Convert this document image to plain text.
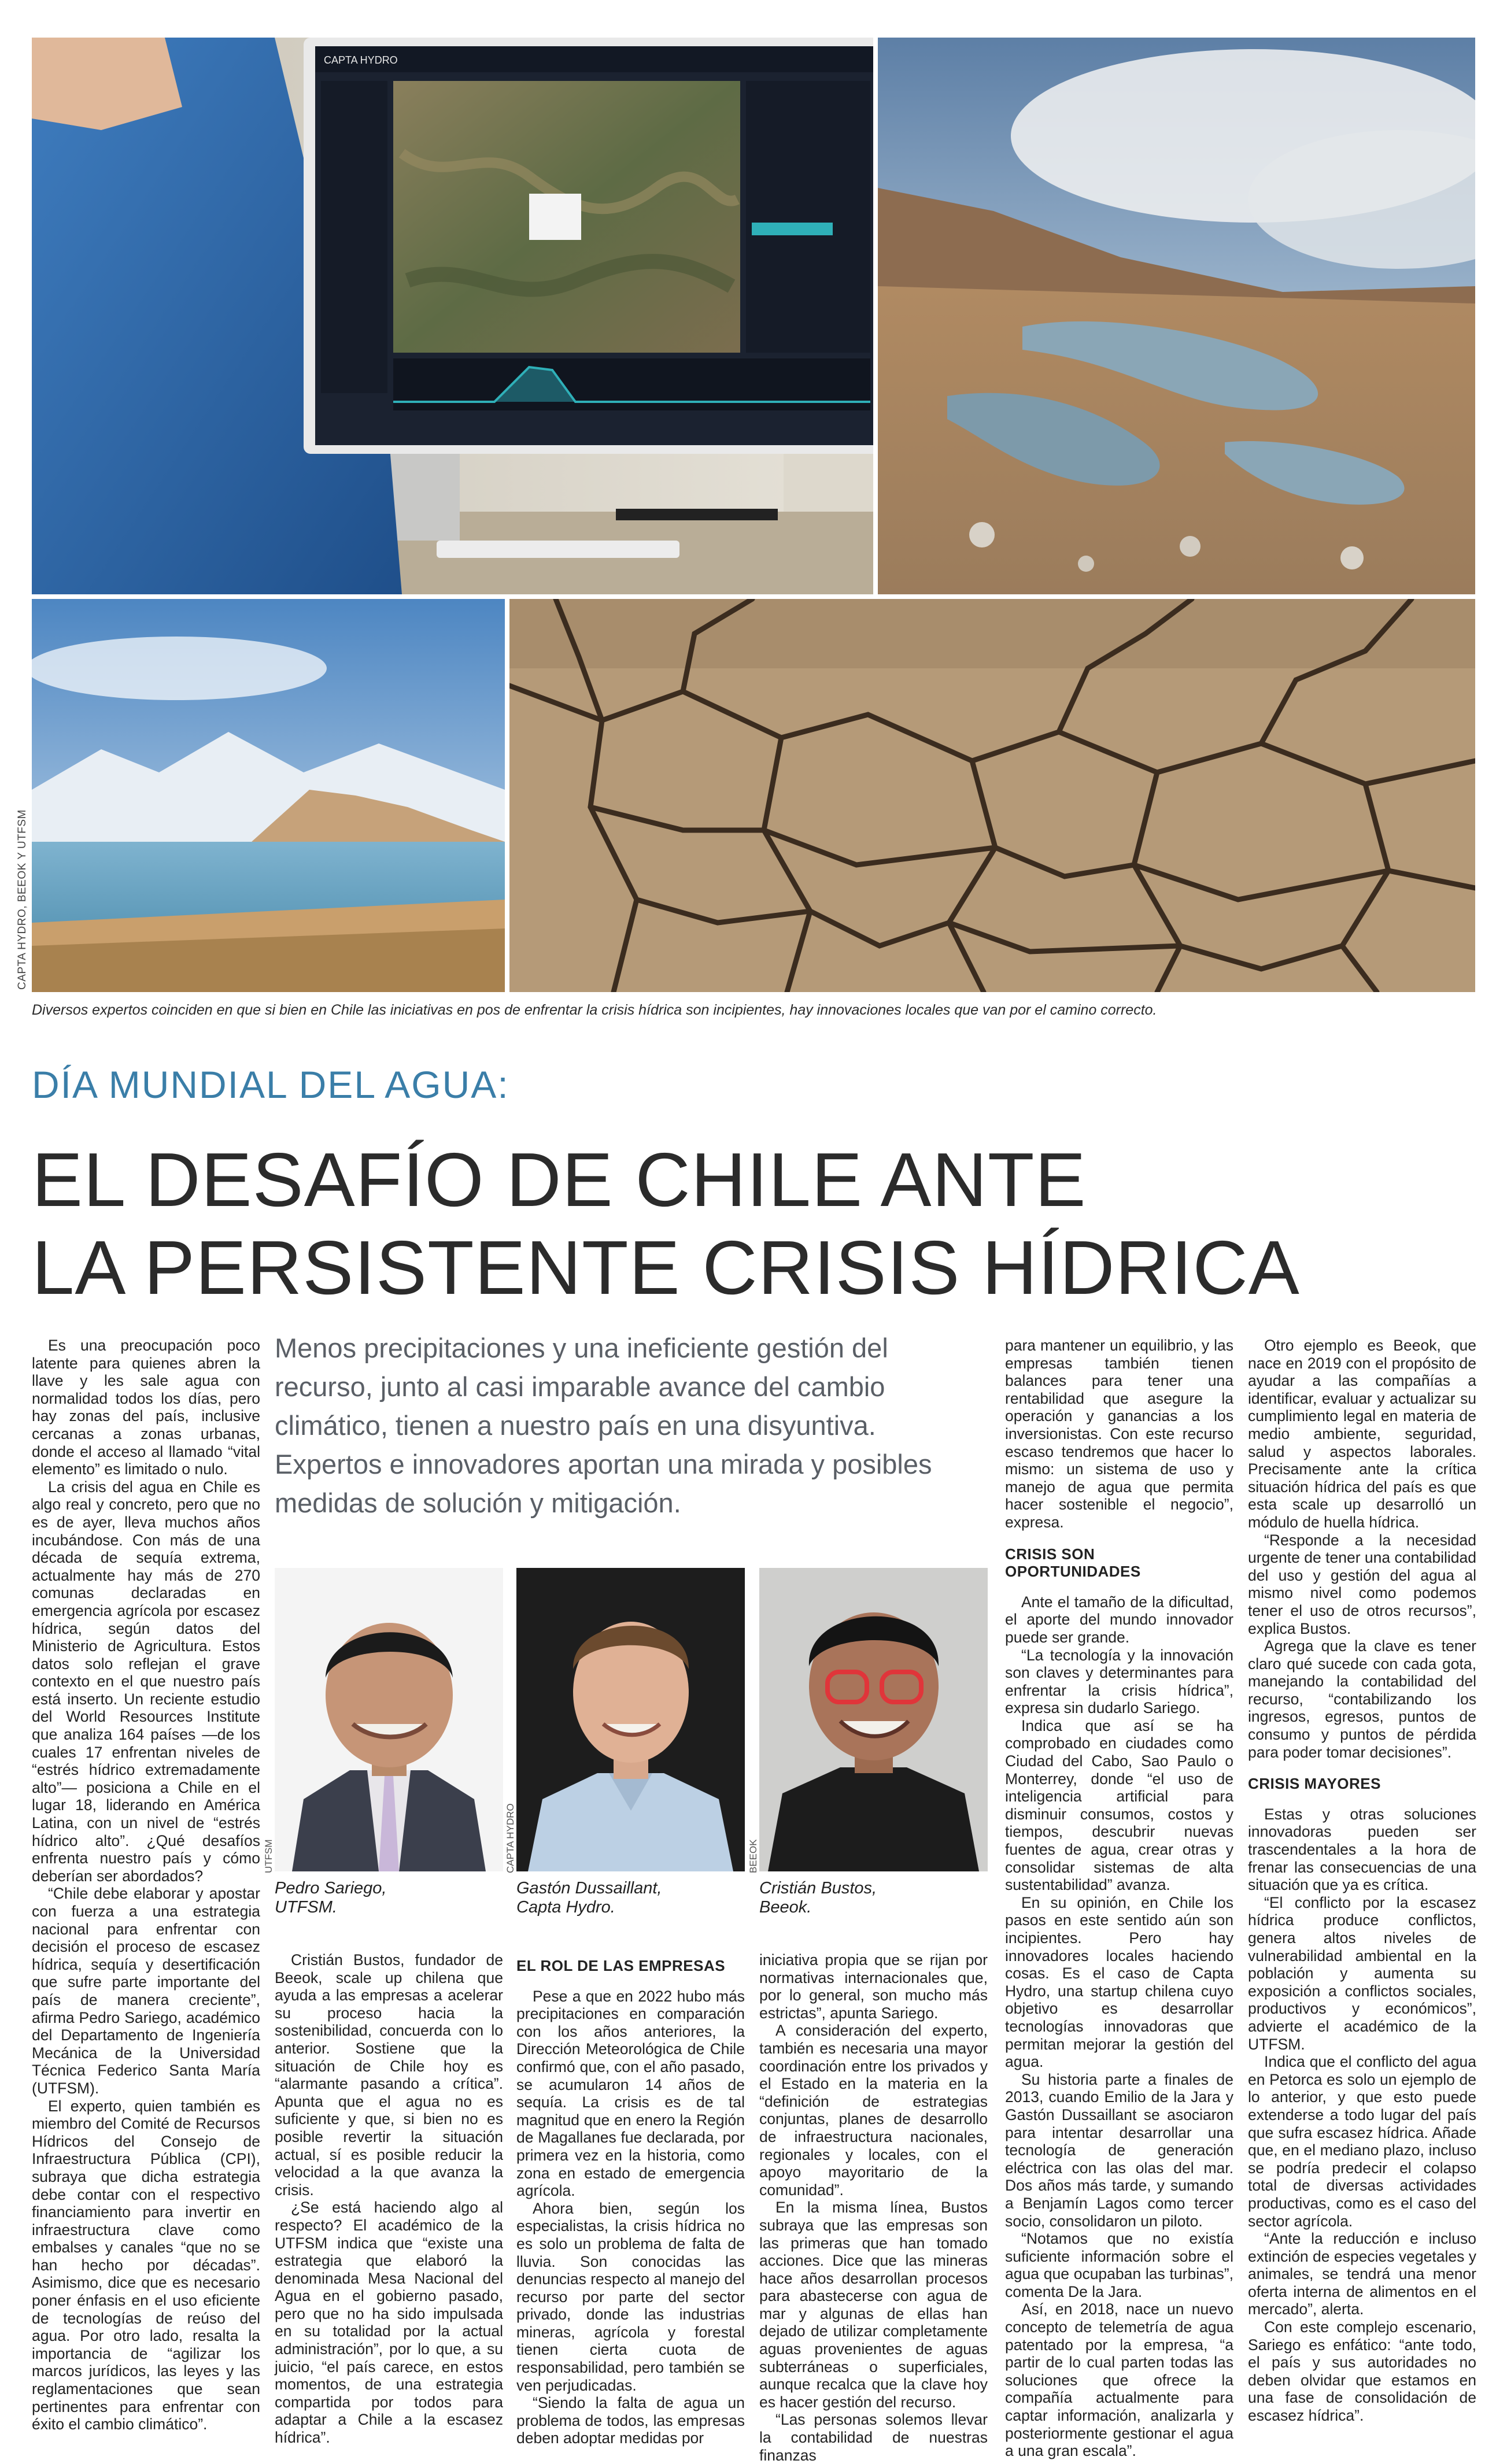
CAPTA HYDRO
CAPTA HYDRO, BEEOK Y UTFSM
Diversos expertos coinciden en que si bien en Chile las iniciativas en pos de enfrentar la crisis hídrica son incipientes, hay innovaciones locales que van por el camino correcto.
DÍA MUNDIAL DEL AGUA:
EL DESAFÍO DE CHILE ANTE
LA PERSISTENTE CRISIS HÍDRICA
Menos precipitaciones y una ineficiente gestión del recurso, junto al casi imparable avance del cambio climático, tienen a nuestro país en una disyuntiva. Expertos e innovadores aportan una mirada y posibles medidas de solución y mitigación.
UTFSM	CAPTA HYDRO	BEEOK
Pedro Sariego,
UTFSM.
Gastón Dussaillant,
Capta Hydro.
Cristián Bustos,
Beeok.

Es una preocupación poco latente para quienes abren la llave y les sale agua con normalidad todos los días, pero hay zonas del país, inclusive cercanas a zonas urbanas, donde el acceso al llamado “vital elemento” es limitado o nulo.

La crisis del agua en Chile es algo real y concreto, pero que no es de ayer, lleva muchos años incubándose. Con más de una década de sequía extrema, actualmente hay más de 270 comunas declaradas en emergencia agrícola por escasez hídrica, según datos del Ministerio de Agricultura. Estos datos solo reflejan el grave contexto en el que nuestro país está inserto. Un reciente estudio del World Resources Institute que analiza 164 países —de los cuales 17 enfrentan niveles de “estrés hídrico extremadamente alto”— posiciona a Chile en el lugar 18, liderando en América Latina, con un nivel de “estrés hídrico alto”. ¿Qué desafíos enfrenta nuestro país y cómo deberían ser abordados?

“Chile debe elaborar y apostar con fuerza a una estrategia nacional para enfrentar con decisión el proceso de escasez hídrica, sequía y desertificación que sufre parte importante del país de manera creciente”, afirma Pedro Sariego, académico del Departamento de Ingeniería Mecánica de la Universidad Técnica Federico Santa María (UTFSM).

El experto, quien también es miembro del Comité de Recursos Hídricos del Consejo de Infraestructura Pública (CPI), subraya que dicha estrategia debe contar con el respectivo financiamiento para invertir en infraestructura clave como embalses y canales “que no se han hecho por décadas”. Asimismo, dice que es necesario poner énfasis en el uso eficiente de tecnologías de reúso del agua. Por otro lado, resalta la importancia de “agilizar los marcos jurídicos, las leyes y las reglamentaciones que sean pertinentes para enfrentar con éxito el cambio climático”.

Cristián Bustos, fundador de Beeok, scale up chilena que ayuda a las empresas a acelerar su proceso hacia la sostenibilidad, concuerda con lo anterior. Sostiene que la situación de Chile hoy es “alarmante pasando a crítica”. Apunta que el agua no es suficiente y que, si bien no es posible revertir la situación actual, sí es posible reducir la velocidad a la que avanza la crisis.

¿Se está haciendo algo al respecto? El académico de la UTFSM indica que “existe una estrategia que elaboró la denominada Mesa Nacional del Agua en el gobierno pasado, pero que no ha sido impulsada en su totalidad por la actual administración”, por lo que, a su juicio, “el país carece, en estos momentos, de una estrategia compartida por todos para adaptar a Chile a la escasez hídrica”.

EL ROL DE LAS EMPRESAS

Pese a que en 2022 hubo más precipitaciones en comparación con los años anteriores, la Dirección Meteorológica de Chile confirmó que, con el año pasado, se acumularon 14 años de sequía. La crisis es de tal magnitud que en enero la Región de Magallanes fue declarada, por primera vez en la historia, como zona en estado de emergencia agrícola.

Ahora bien, según los especialistas, la crisis hídrica no es solo un problema de falta de lluvia. Son conocidas las denuncias respecto al manejo del recurso por parte del sector privado, donde las industrias mineras, agrícola y forestal tienen cierta cuota de responsabilidad, pero también se ven perjudicadas.

“Siendo la falta de agua un problema de todos, las empresas deben adoptar medidas por

iniciativa propia que se rijan por normativas internacionales que, por lo general, son mucho más estrictas”, apunta Sariego.

A consideración del experto, también es necesaria una mayor coordinación entre los privados y el Estado en la materia en la “definición de estrategias conjuntas, planes de desarrollo de infraestructura nacionales, regionales y locales, con el apoyo mayoritario de la comunidad”.

En la misma línea, Bustos subraya que las empresas son las primeras que han tomado acciones. Dice que las mineras hace años desarrollan procesos para abastecerse con agua de mar y algunas de ellas han dejado de utilizar completamente aguas provenientes de aguas subterráneas o superficiales, aunque recalca que la clave hoy es hacer gestión del recurso.

“Las personas solemos llevar la contabilidad de nuestras finanzas

para mantener un equilibrio, y las empresas también tienen balances para tener una rentabilidad que asegure la operación y ganancias a los inversionistas. Con este recurso escaso tendremos que hacer lo mismo: un sistema de uso y manejo de agua que permita hacer sostenible el negocio”, expresa.

CRISIS SON OPORTUNIDADES

Ante el tamaño de la dificultad, el aporte del mundo innovador puede ser grande.

“La tecnología y la innovación son claves y determinantes para enfrentar la crisis hídrica”, expresa sin dudarlo Sariego.

Indica que así se ha comprobado en ciudades como Ciudad del Cabo, Sao Paulo o Monterrey, donde “el uso de inteligencia artificial para disminuir consumos, costos y tiempos, descubrir nuevas fuentes de agua, crear otras y consolidar sistemas de alta sustentabilidad” avanza.

En su opinión, en Chile los pasos en este sentido aún son incipientes. Pero hay innovadores locales haciendo cosas. Es el caso de Capta Hydro, una startup chilena cuyo objetivo es desarrollar tecnologías innovadoras que permitan mejorar la gestión del agua.

Su historia parte a finales de 2013, cuando Emilio de la Jara y Gastón Dussaillant se asociaron para intentar desarrollar una tecnología de generación eléctrica con las olas del mar. Dos años más tarde, y sumando a Benjamín Lagos como tercer socio, consolidaron un piloto.

“Notamos que no existía suficiente información sobre el agua que ocupaban las turbinas”, comenta De la Jara.

Así, en 2018, nace un nuevo concepto de telemetría de agua patentado por la empresa, “a partir de lo cual parten todas las soluciones que ofrece la compañía actualmente para captar información, analizarla y posteriormente gestionar el agua a una gran escala”.

Otro ejemplo es Beeok, que nace en 2019 con el propósito de ayudar a las compañías a identificar, evaluar y actualizar su cumplimiento legal en materia de medio ambiente, seguridad, salud y aspectos laborales. Precisamente ante la crítica situación hídrica del país es que esta scale up desarrolló un módulo de huella hídrica.

“Responde a la necesidad urgente de tener una contabilidad del uso y gestión del agua al mismo nivel como podemos tener el uso de otros recursos”, explica Bustos.

Agrega que la clave es tener claro qué sucede con cada gota, manejando la contabilidad del recurso, “contabilizando los ingresos, egresos, puntos de consumo y puntos de pérdida para poder tomar decisiones”.

CRISIS MAYORES

Estas y otras soluciones innovadoras pueden ser trascendentales a la hora de frenar las consecuencias de una situación que ya es crítica.

“El conflicto por la escasez hídrica produce conflictos, genera altos niveles de vulnerabilidad ambiental en la población y aumenta su exposición a conflictos sociales, productivos y económicos”, advierte el académico de la UTFSM.

Indica que el conflicto del agua en Petorca es solo un ejemplo de lo anterior, y que esto puede extenderse a todo lugar del país que sufra escasez hídrica. Añade que, en el mediano plazo, incluso se podría predecir el colapso total de diversas actividades productivas, como es el caso del sector agrícola.

“Ante la reducción e incluso extinción de especies vegetales y animales, se tendrá una menor oferta interna de alimentos en el mercado”, alerta.

Con este complejo escenario, Sariego es enfático: “ante todo, el país y sus autoridades no deben olvidar que estamos en una fase de consolidación de escasez hídrica”.
